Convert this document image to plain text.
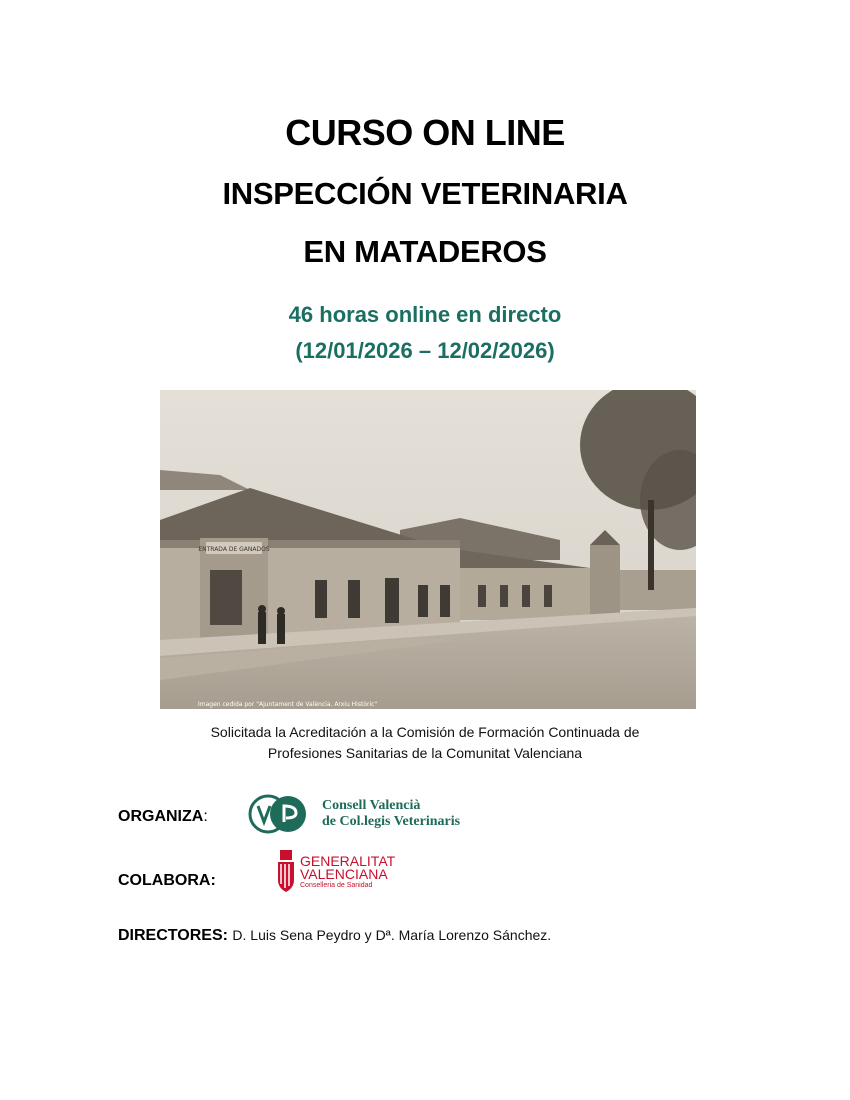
CURSO ON LINE
INSPECCIÓN VETERINARIA
EN MATADEROS
46 horas online en directo
(12/01/2026 – 12/02/2026)
ENTRADA DE GANADOS
Imagen cedida por "Ajuntament de València. Arxiu Històric"
Solicitada la Acreditación a la Comisión de Formación Continuada de
Profesiones Sanitarias de la Comunitat Valenciana
ORGANIZA:
Consell Valencià
de Col.legis Veterinaris
COLABORA:
GENERALITAT
VALENCIANA
Conselleria de Sanidad
DIRECTORES: D. Luis Sena Peydro y Dª. María Lorenzo Sánchez.
